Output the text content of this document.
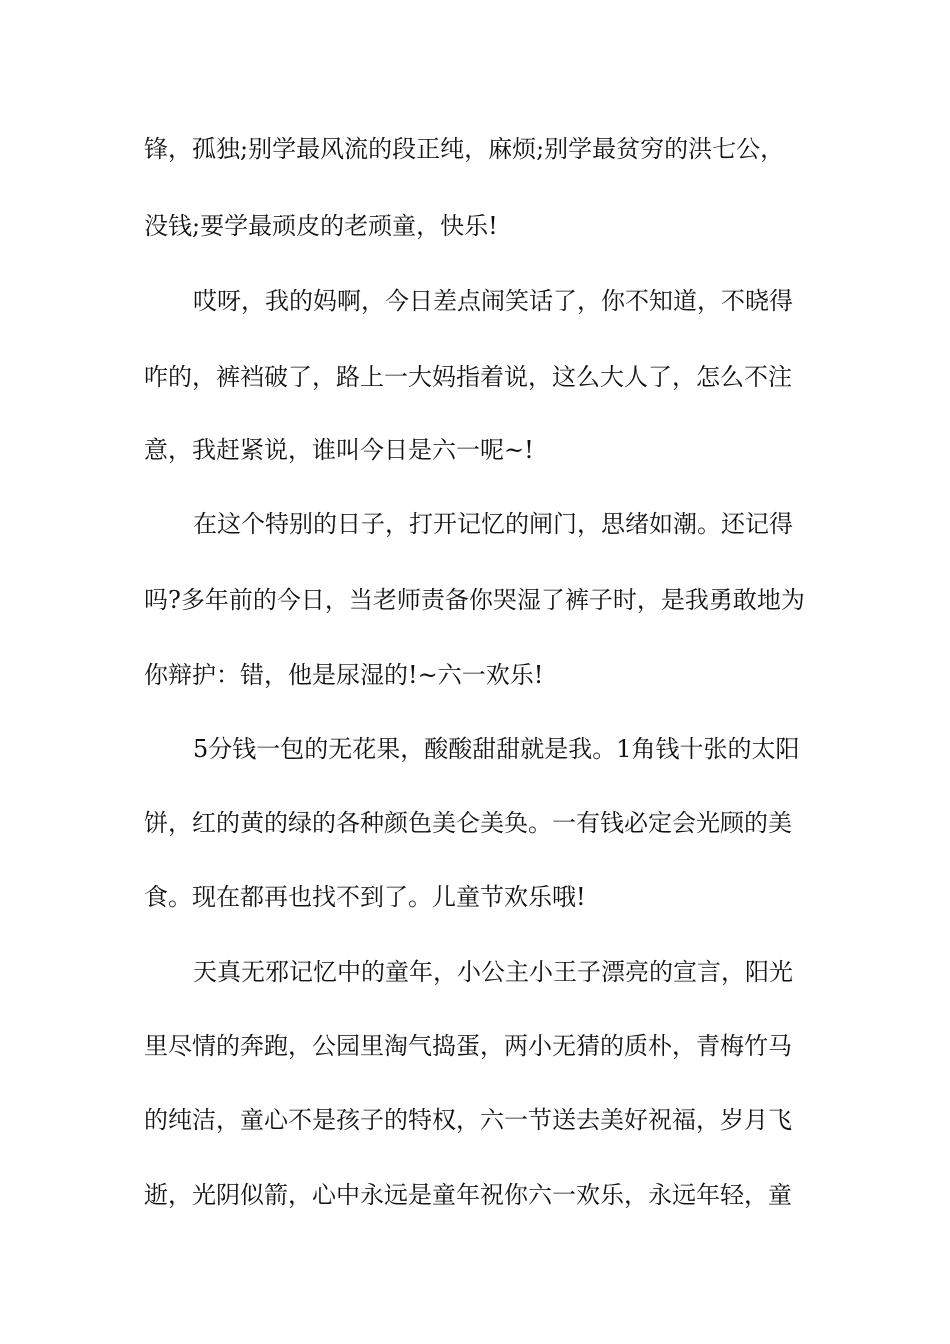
锋，孤独;别学最风流的段正纯，麻烦;别学最贫穷的洪七公，
没钱;要学最顽皮的老顽童，快乐!
哎呀，我的妈啊，今日差点闹笑话了，你不知道，不晓得
咋的，裤裆破了，路上一大妈指着说，这么大人了，怎么不注
意，我赶紧说，谁叫今日是六一呢~!
在这个特别的日子，打开记忆的闸门，思绪如潮。还记得
吗?多年前的今日，当老师责备你哭湿了裤子时，是我勇敢地为
你辩护：错，他是尿湿的!~六一欢乐!
5分钱一包的无花果，酸酸甜甜就是我。1角钱十张的太阳
饼，红的黄的绿的各种颜色美仑美奂。一有钱必定会光顾的美
食。现在都再也找不到了。儿童节欢乐哦!
天真无邪记忆中的童年，小公主小王子漂亮的宣言，阳光
里尽情的奔跑，公园里淘气捣蛋，两小无猜的质朴，青梅竹马
的纯洁，童心不是孩子的特权，六一节送去美好祝福，岁月飞
逝，光阴似箭，心中永远是童年祝你六一欢乐，永远年轻，童
